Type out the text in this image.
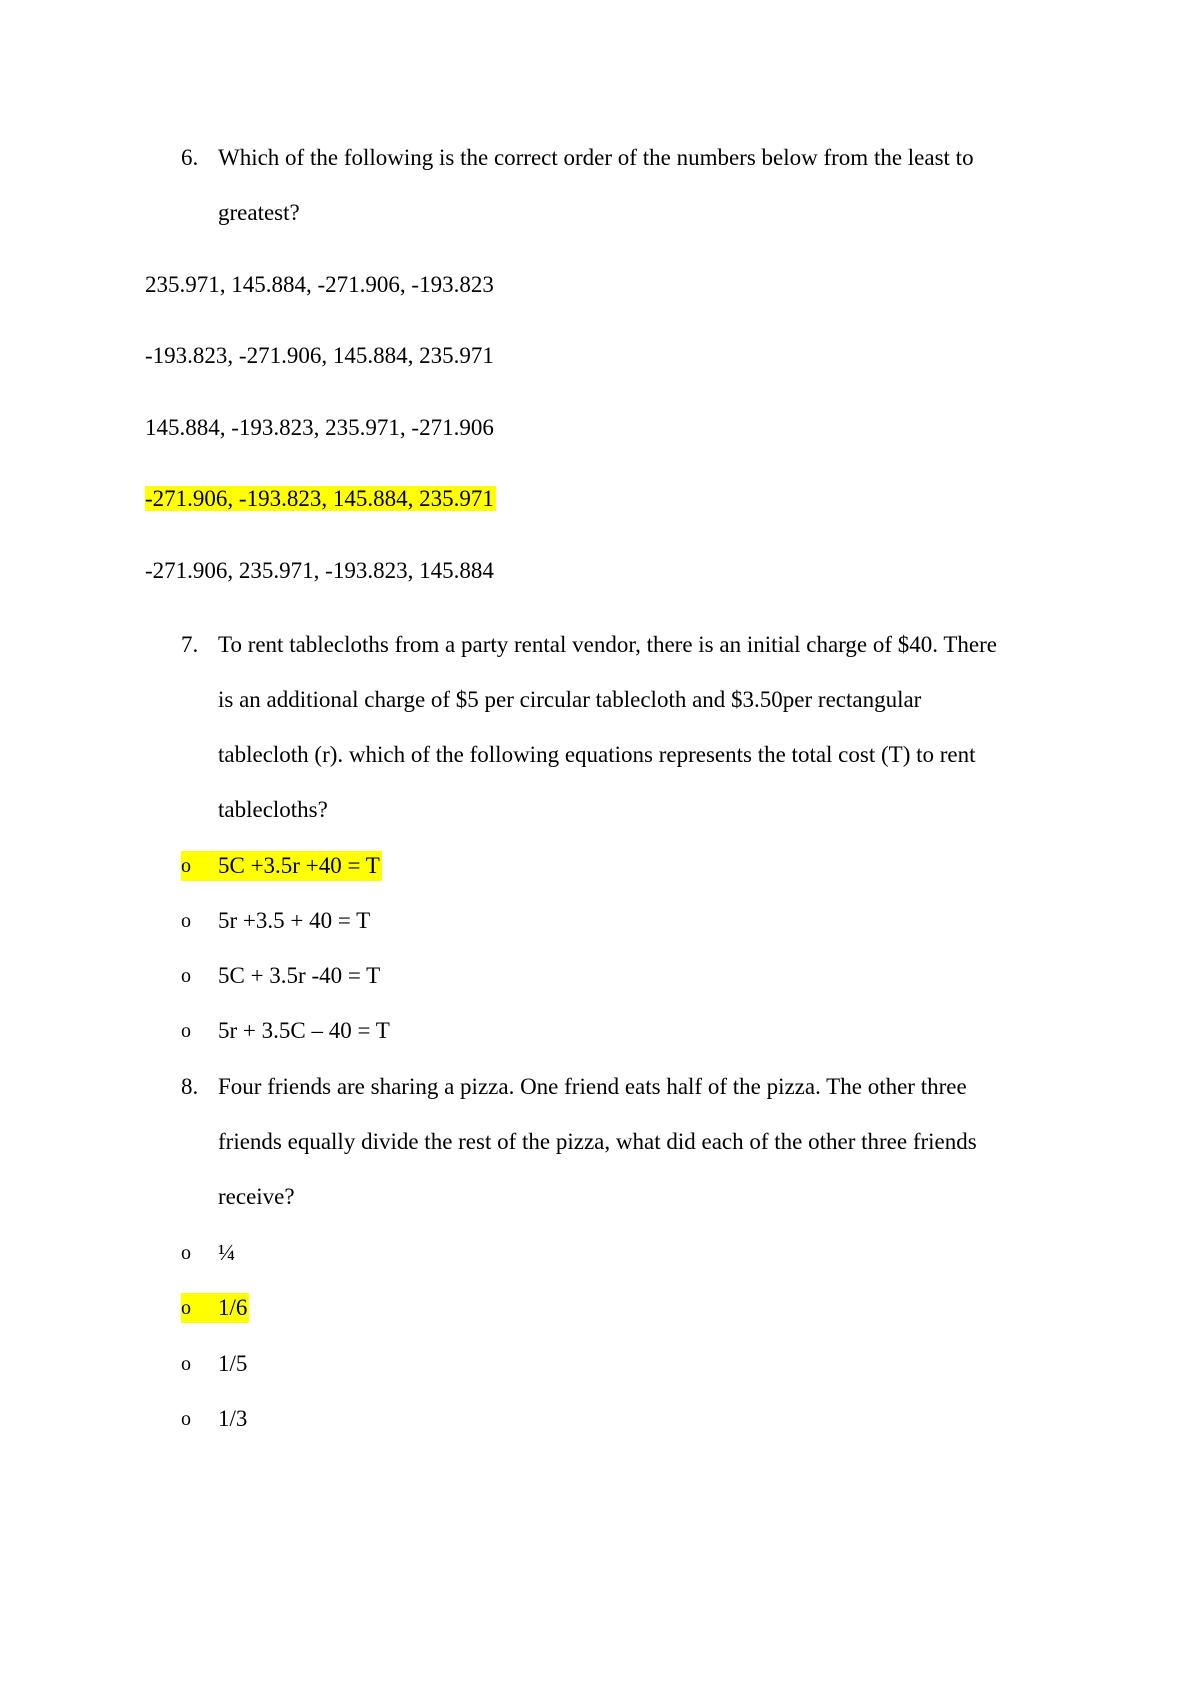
6. Which of the following is the correct order of the numbers below from the least to
greatest?
235.971, 145.884, -271.906, -193.823
-193.823, -271.906, 145.884, 235.971
145.884, -193.823, 235.971, -271.906
-271.906, -193.823, 145.884, 235.971
-271.906, 235.971, -193.823, 145.884
7. To rent tablecloths from a party rental vendor, there is an initial charge of $40. There
is an additional charge of $5 per circular tablecloth and $3.50per rectangular
tablecloth (r). which of the following equations represents the total cost (T) to rent
tablecloths?
o	5C +3.5r +40 = T
o	5r +3.5 + 40 = T
o	5C + 3.5r -40 = T
o	5r + 3.5C – 40 = T
8. Four friends are sharing a pizza. One friend eats half of the pizza. The other three
friends equally divide the rest of the pizza, what did each of the other three friends
receive?
o	¼
o	1/6
o	1/5
o	1/3
